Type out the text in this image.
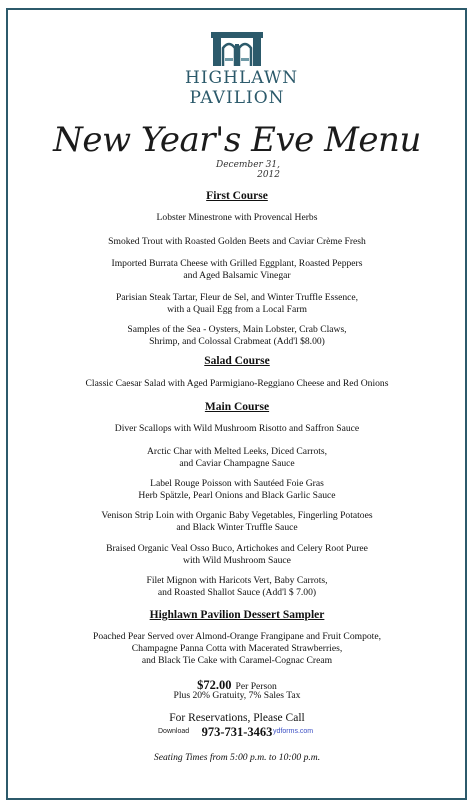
HIGHLAWN
PAVILION
New Year's Eve Menu
December 31, 2012
First Course
Lobster Minestrone with Provencal Herbs
Smoked Trout with Roasted Golden Beets and Caviar Crème Fresh
Imported Burrata Cheese with Grilled Eggplant, Roasted Peppers
and Aged Balsamic Vinegar
Parisian Steak Tartar, Fleur de Sel, and Winter Truffle Essence,
with a Quail Egg from a Local Farm
Samples of the Sea - Oysters, Main Lobster, Crab Claws,
Shrimp, and Colossal Crabmeat (Add'l $8.00)
Salad Course
Classic Caesar Salad with Aged Parmigiano-Reggiano Cheese and Red Onions
Main Course
Diver Scallops with Wild Mushroom Risotto and Saffron Sauce
Arctic Char with Melted Leeks, Diced Carrots,
and Caviar Champagne Sauce
Label Rouge Poisson with Sautéed Foie Gras
Herb Spätzle, Pearl Onions and Black Garlic Sauce
Venison Strip Loin with Organic Baby Vegetables, Fingerling Potatoes
and Black Winter Truffle Sauce
Braised Organic Veal Osso Buco, Artichokes and Celery Root Puree
with Wild Mushroom Sauce
Filet Mignon with Haricots Vert, Baby Carrots,
and Roasted Shallot Sauce (Add'l $ 7.00)
Highlawn Pavilion Dessert Sampler
Poached Pear Served over Almond-Orange Frangipane and Fruit Compote,
Champagne Panna Cotta with Macerated Strawberries,
and Black Tie Cake with Caramel-Cognac Cream
$72.00 Per Person
Plus 20% Gratuity, 7% Sales Tax
For Reservations, Please Call
973-731-3463
Download	ydforms.com
Seating Times from 5:00 p.m. to 10:00 p.m.
